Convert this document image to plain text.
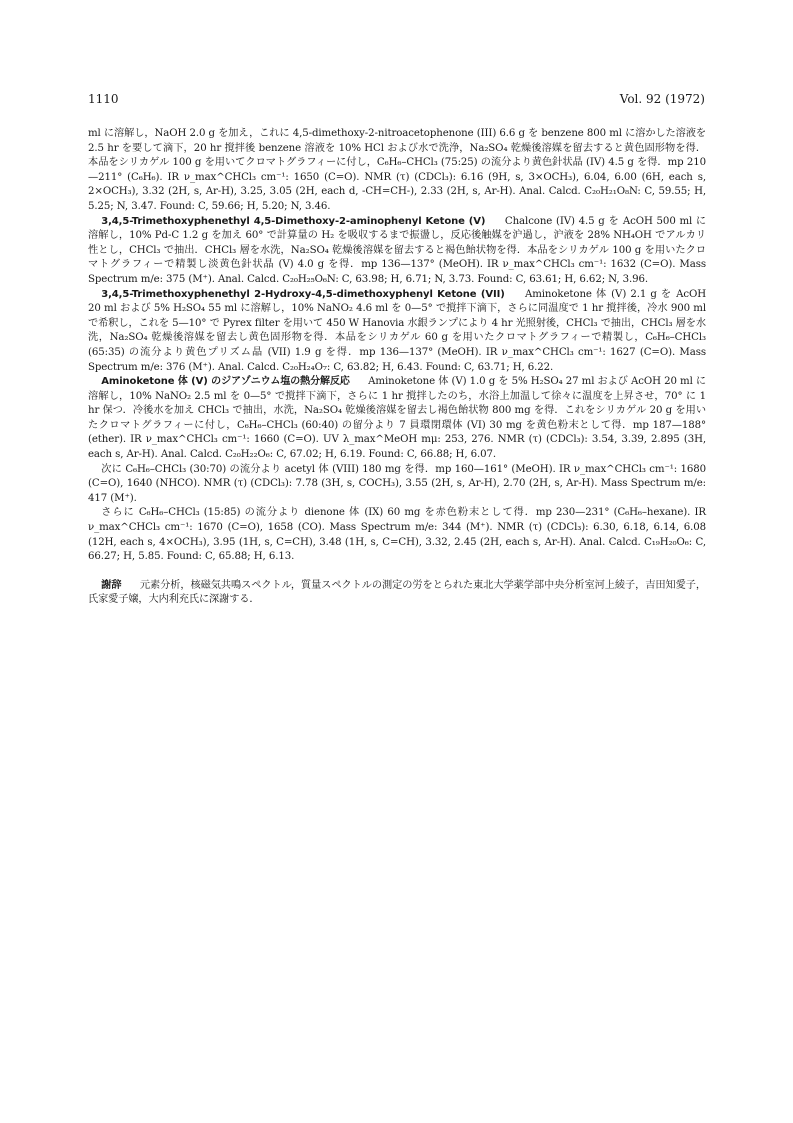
1110	Vol. 92 (1972)

ml に溶解し，NaOH 2.0 g を加え，これに 4,5-dimethoxy-2-nitroacetophenone (III) 6.6 g を benzene 800 ml に溶かした溶液を 2.5 hr を要して滴下，20 hr 撹拌後 benzene 溶液を 10% HCl および水で洗浄，Na₂SO₄ 乾燥後溶媒を留去すると黄色固形物を得．本品をシリカゲル 100 g を用いてクロマトグラフィーに付し，C₆H₆–CHCl₃ (75:25) の流分より黄色針状晶 (IV) 4.5 g を得．mp 210—211° (C₆H₆). IR ν_max^CHCl₃ cm⁻¹: 1650 (C=O). NMR (τ) (CDCl₃): 6.16 (9H, s, 3×OCH₃), 6.04, 6.00 (6H, each s, 2×OCH₃), 3.32 (2H, s, Ar-H), 3.25, 3.05 (2H, each d, -CH=CH-), 2.33 (2H, s, Ar-H). Anal. Calcd. C₂₀H₂₁O₈N: C, 59.55; H, 5.25; N, 3.47. Found: C, 59.66; H, 5.20; N, 3.46.

3,4,5-Trimethoxyphenethyl 4,5-Dimethoxy-2-aminophenyl Ketone (V) Chalcone (IV) 4.5 g を AcOH 500 ml に溶解し，10% Pd-C 1.2 g を加え 60° で計算量の H₂ を吸収するまで振盪し，反応後触媒を沪過し，沪液を 28% NH₄OH でアルカリ性とし，CHCl₃ で抽出．CHCl₃ 層を水洗，Na₂SO₄ 乾燥後溶媒を留去すると褐色飴状物を得．本品をシリカゲル 100 g を用いたクロマトグラフィーで精製し淡黄色針状晶 (V) 4.0 g を得．mp 136—137° (MeOH). IR ν_max^CHCl₃ cm⁻¹: 1632 (C=O). Mass Spectrum m/e: 375 (M⁺). Anal. Calcd. C₂₀H₂₅O₆N: C, 63.98; H, 6.71; N, 3.73. Found: C, 63.61; H, 6.62; N, 3.96.

3,4,5-Trimethoxyphenethyl 2-Hydroxy-4,5-dimethoxyphenyl Ketone (VII) Aminoketone 体 (V) 2.1 g を AcOH 20 ml および 5% H₂SO₄ 55 ml に溶解し，10% NaNO₂ 4.6 ml を 0—5° で撹拌下滴下，さらに同温度で 1 hr 撹拌後，冷水 900 ml で希釈し，これを 5—10° で Pyrex filter を用いて 450 W Hanovia 水銀ランプにより 4 hr 光照射後，CHCl₃ で抽出，CHCl₃ 層を水洗，Na₂SO₄ 乾燥後溶媒を留去し黄色固形物を得．本品をシリカゲル 60 g を用いたクロマトグラフィーで精製し，C₆H₆–CHCl₃ (65:35) の流分より黄色プリズム晶 (VII) 1.9 g を得．mp 136—137° (MeOH). IR ν_max^CHCl₃ cm⁻¹: 1627 (C=O). Mass Spectrum m/e: 376 (M⁺). Anal. Calcd. C₂₀H₂₄O₇: C, 63.82; H, 6.43. Found: C, 63.71; H, 6.22.

Aminoketone 体 (V) のジアゾニウム塩の熱分解反応 Aminoketone 体 (V) 1.0 g を 5% H₂SO₄ 27 ml および AcOH 20 ml に溶解し，10% NaNO₂ 2.5 ml を 0—5° で撹拌下滴下，さらに 1 hr 撹拌したのち，水浴上加温して徐々に温度を上昇させ，70° に 1 hr 保つ．冷後水を加え CHCl₃ で抽出，水洗，Na₂SO₄ 乾燥後溶媒を留去し褐色飴状物 800 mg を得．これをシリカゲル 20 g を用いたクロマトグラフィーに付し，C₆H₆–CHCl₃ (60:40) の留分より 7 員環閉環体 (VI) 30 mg を黄色粉末として得．mp 187—188° (ether). IR ν_max^CHCl₃ cm⁻¹: 1660 (C=O). UV λ_max^MeOH mμ: 253, 276. NMR (τ) (CDCl₃): 3.54, 3.39, 2.895 (3H, each s, Ar-H). Anal. Calcd. C₂₀H₂₂O₆: C, 67.02; H, 6.19. Found: C, 66.88; H, 6.07.

次に C₆H₆–CHCl₃ (30:70) の流分より acetyl 体 (VIII) 180 mg を得．mp 160—161° (MeOH). IR ν_max^CHCl₃ cm⁻¹: 1680 (C=O), 1640 (NHCO). NMR (τ) (CDCl₃): 7.78 (3H, s, COCH₃), 3.55 (2H, s, Ar-H), 2.70 (2H, s, Ar-H). Mass Spectrum m/e: 417 (M⁺).

さらに C₆H₆–CHCl₃ (15:85) の流分より dienone 体 (IX) 60 mg を赤色粉末として得．mp 230—231° (C₆H₆–hexane). IR ν_max^CHCl₃ cm⁻¹: 1670 (C=O), 1658 (CO). Mass Spectrum m/e: 344 (M⁺). NMR (τ) (CDCl₃): 6.30, 6.18, 6.14, 6.08 (12H, each s, 4×OCH₃), 3.95 (1H, s, C=CH), 3.48 (1H, s, C=CH), 3.32, 2.45 (2H, each s, Ar-H). Anal. Calcd. C₁₉H₂₀O₆: C, 66.27; H, 5.85. Found: C, 65.88; H, 6.13.

謝辞 元素分析，核磁気共鳴スペクトル，質量スペクトルの測定の労をとられた東北大学薬学部中央分析室河上綾子，吉田知愛子，氏家愛子嬢，大内利充氏に深謝する．
